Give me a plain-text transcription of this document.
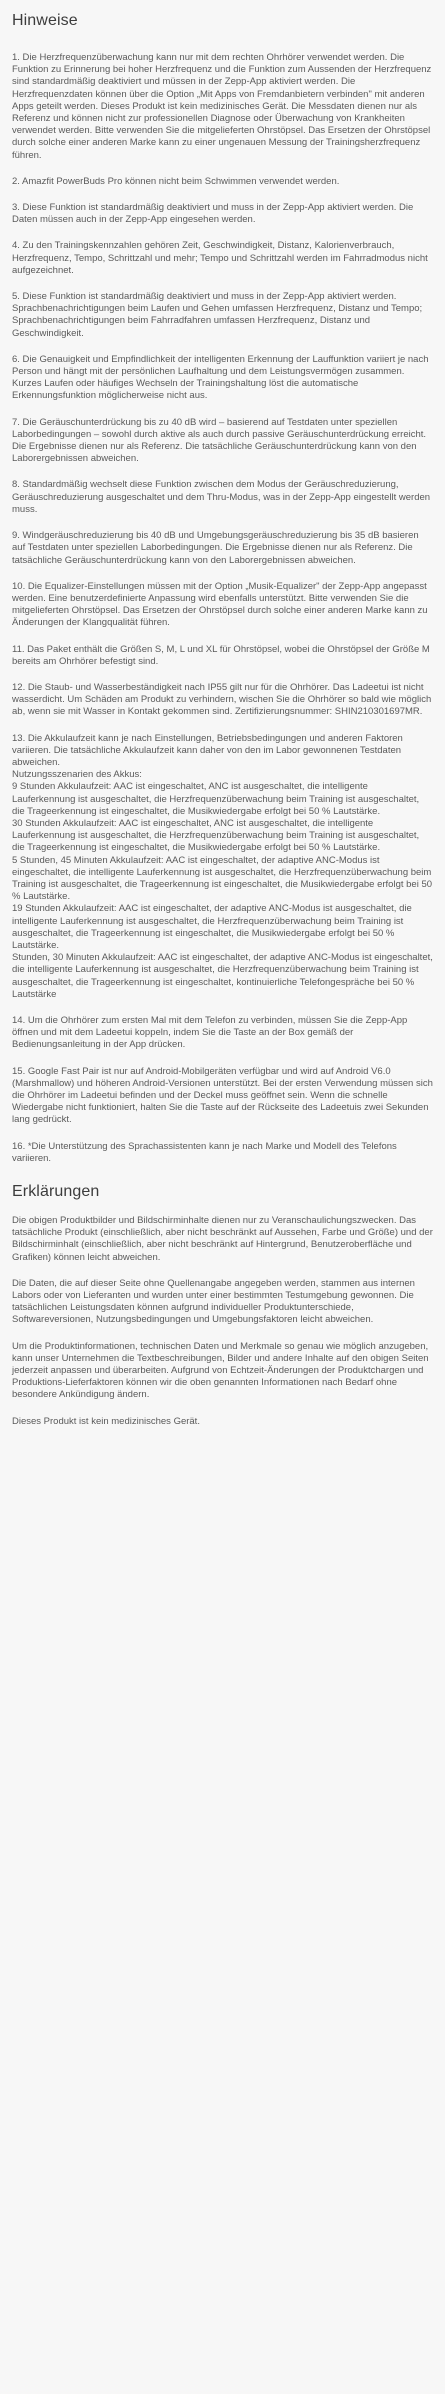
Hinweise

1. Die Herzfrequenzüberwachung kann nur mit dem rechten Ohrhörer verwendet werden. Die Funktion zu Erinnerung bei hoher Herzfrequenz und die Funktion zum Aussenden der Herzfrequenz sind standardmäßig deaktiviert und müssen in der Zepp-App aktiviert werden. Die Herzfrequenzdaten können über die Option „Mit Apps von Fremdanbietern verbinden" mit anderen Apps geteilt werden. Dieses Produkt ist kein medizinisches Gerät. Die Messdaten dienen nur als Referenz und können nicht zur professionellen Diagnose oder Überwachung von Krankheiten verwendet werden. Bitte verwenden Sie die mitgelieferten Ohrstöpsel. Das Ersetzen der Ohrstöpsel durch solche einer anderen Marke kann zu einer ungenauen Messung der Trainingsherzfrequenz führen.

2. Amazfit PowerBuds Pro können nicht beim Schwimmen verwendet werden.

3. Diese Funktion ist standardmäßig deaktiviert und muss in der Zepp-App aktiviert werden. Die Daten müssen auch in der Zepp-App eingesehen werden.

4. Zu den Trainingskennzahlen gehören Zeit, Geschwindigkeit, Distanz, Kalorienverbrauch, Herzfrequenz, Tempo, Schrittzahl und mehr; Tempo und Schrittzahl werden im Fahrradmodus nicht aufgezeichnet.

5. Diese Funktion ist standardmäßig deaktiviert und muss in der Zepp-App aktiviert werden. Sprachbenachrichtigungen beim Laufen und Gehen umfassen Herzfrequenz, Distanz und Tempo; Sprachbenachrichtigungen beim Fahrradfahren umfassen Herzfrequenz, Distanz und Geschwindigkeit.

6. Die Genauigkeit und Empfindlichkeit der intelligenten Erkennung der Lauffunktion variiert je nach Person und hängt mit der persönlichen Laufhaltung und dem Leistungsvermögen zusammen. Kurzes Laufen oder häufiges Wechseln der Trainingshaltung löst die automatische Erkennungsfunktion möglicherweise nicht aus.

7. Die Geräuschunterdrückung bis zu 40 dB wird – basierend auf Testdaten unter speziellen Laborbedingungen – sowohl durch aktive als auch durch passive Geräuschunterdrückung erreicht. Die Ergebnisse dienen nur als Referenz. Die tatsächliche Geräuschunterdrückung kann von den Laborergebnissen abweichen.

8. Standardmäßig wechselt diese Funktion zwischen dem Modus der Geräuschreduzierung, Geräuschreduzierung ausgeschaltet und dem Thru-Modus, was in der Zepp-App eingestellt werden muss.

9. Windgeräuschreduzierung bis 40 dB und Umgebungsgeräuschreduzierung bis 35 dB basieren auf Testdaten unter speziellen Laborbedingungen. Die Ergebnisse dienen nur als Referenz. Die tatsächliche Geräuschunterdrückung kann von den Laborergebnissen abweichen.

10. Die Equalizer-Einstellungen müssen mit der Option „Musik-Equalizer" der Zepp-App angepasst werden. Eine benutzerdefinierte Anpassung wird ebenfalls unterstützt. Bitte verwenden Sie die mitgelieferten Ohrstöpsel. Das Ersetzen der Ohrstöpsel durch solche einer anderen Marke kann zu Änderungen der Klangqualität führen.

11. Das Paket enthält die Größen S, M, L und XL für Ohrstöpsel, wobei die Ohrstöpsel der Größe M bereits am Ohrhörer befestigt sind.

12. Die Staub- und Wasserbeständigkeit nach IP55 gilt nur für die Ohrhörer. Das Ladeetui ist nicht wasserdicht. Um Schäden am Produkt zu verhindern, wischen Sie die Ohrhörer so bald wie möglich ab, wenn sie mit Wasser in Kontakt gekommen sind. Zertifizierungsnummer: SHIN210301697MR.

13. Die Akkulaufzeit kann je nach Einstellungen, Betriebsbedingungen und anderen Faktoren variieren. Die tatsächliche Akkulaufzeit kann daher von den im Labor gewonnenen Testdaten abweichen.
Nutzungsszenarien des Akkus:
9 Stunden Akkulaufzeit: AAC ist eingeschaltet, ANC ist ausgeschaltet, die intelligente Lauferkennung ist ausgeschaltet, die Herzfrequenzüberwachung beim Training ist ausgeschaltet, die Trageerkennung ist eingeschaltet, die Musikwiedergabe erfolgt bei 50 % Lautstärke.
30 Stunden Akkulaufzeit: AAC ist eingeschaltet, ANC ist ausgeschaltet, die intelligente Lauferkennung ist ausgeschaltet, die Herzfrequenzüberwachung beim Training ist ausgeschaltet, die Trageerkennung ist eingeschaltet, die Musikwiedergabe erfolgt bei 50 % Lautstärke.
5 Stunden, 45 Minuten Akkulaufzeit: AAC ist eingeschaltet, der adaptive ANC-Modus ist eingeschaltet, die intelligente Lauferkennung ist ausgeschaltet, die Herzfrequenzüberwachung beim Training ist ausgeschaltet, die Trageerkennung ist eingeschaltet, die Musikwiedergabe erfolgt bei 50 % Lautstärke.
19 Stunden Akkulaufzeit: AAC ist eingeschaltet, der adaptive ANC-Modus ist ausgeschaltet, die intelligente Lauferkennung ist ausgeschaltet, die Herzfrequenzüberwachung beim Training ist ausgeschaltet, die Trageerkennung ist eingeschaltet, die Musikwiedergabe erfolgt bei 50 % Lautstärke.
Stunden, 30 Minuten Akkulaufzeit: AAC ist eingeschaltet, der adaptive ANC-Modus ist eingeschaltet, die intelligente Lauferkennung ist ausgeschaltet, die Herzfrequenzüberwachung beim Training ist ausgeschaltet, die Trageerkennung ist eingeschaltet, kontinuierliche Telefongespräche bei 50 % Lautstärke

14. Um die Ohrhörer zum ersten Mal mit dem Telefon zu verbinden, müssen Sie die Zepp-App öffnen und mit dem Ladeetui koppeln, indem Sie die Taste an der Box gemäß der Bedienungsanleitung in der App drücken.

15. Google Fast Pair ist nur auf Android-Mobilgeräten verfügbar und wird auf Android V6.0 (Marshmallow) und höheren Android-Versionen unterstützt. Bei der ersten Verwendung müssen sich die Ohrhörer im Ladeetui befinden und der Deckel muss geöffnet sein. Wenn die schnelle Wiedergabe nicht funktioniert, halten Sie die Taste auf der Rückseite des Ladeetuis zwei Sekunden lang gedrückt.

16. *Die Unterstützung des Sprachassistenten kann je nach Marke und Modell des Telefons variieren.

Erklärungen

Die obigen Produktbilder und Bildschirminhalte dienen nur zu Veranschaulichungszwecken. Das tatsächliche Produkt (einschließlich, aber nicht beschränkt auf Aussehen, Farbe und Größe) und der Bildschirminhalt (einschließlich, aber nicht beschränkt auf Hintergrund, Benutzeroberfläche und Grafiken) können leicht abweichen.

Die Daten, die auf dieser Seite ohne Quellenangabe angegeben werden, stammen aus internen Labors oder von Lieferanten und wurden unter einer bestimmten Testumgebung gewonnen. Die tatsächlichen Leistungsdaten können aufgrund individueller Produktunterschiede, Softwareversionen, Nutzungsbedingungen und Umgebungsfaktoren leicht abweichen.

Um die Produktinformationen, technischen Daten und Merkmale so genau wie möglich anzugeben, kann unser Unternehmen die Textbeschreibungen, Bilder und andere Inhalte auf den obigen Seiten jederzeit anpassen und überarbeiten. Aufgrund von Echtzeit-Änderungen der Produktchargen und Produktions-Lieferfaktoren können wir die oben genannten Informationen nach Bedarf ohne besondere Ankündigung ändern.

Dieses Produkt ist kein medizinisches Gerät.
